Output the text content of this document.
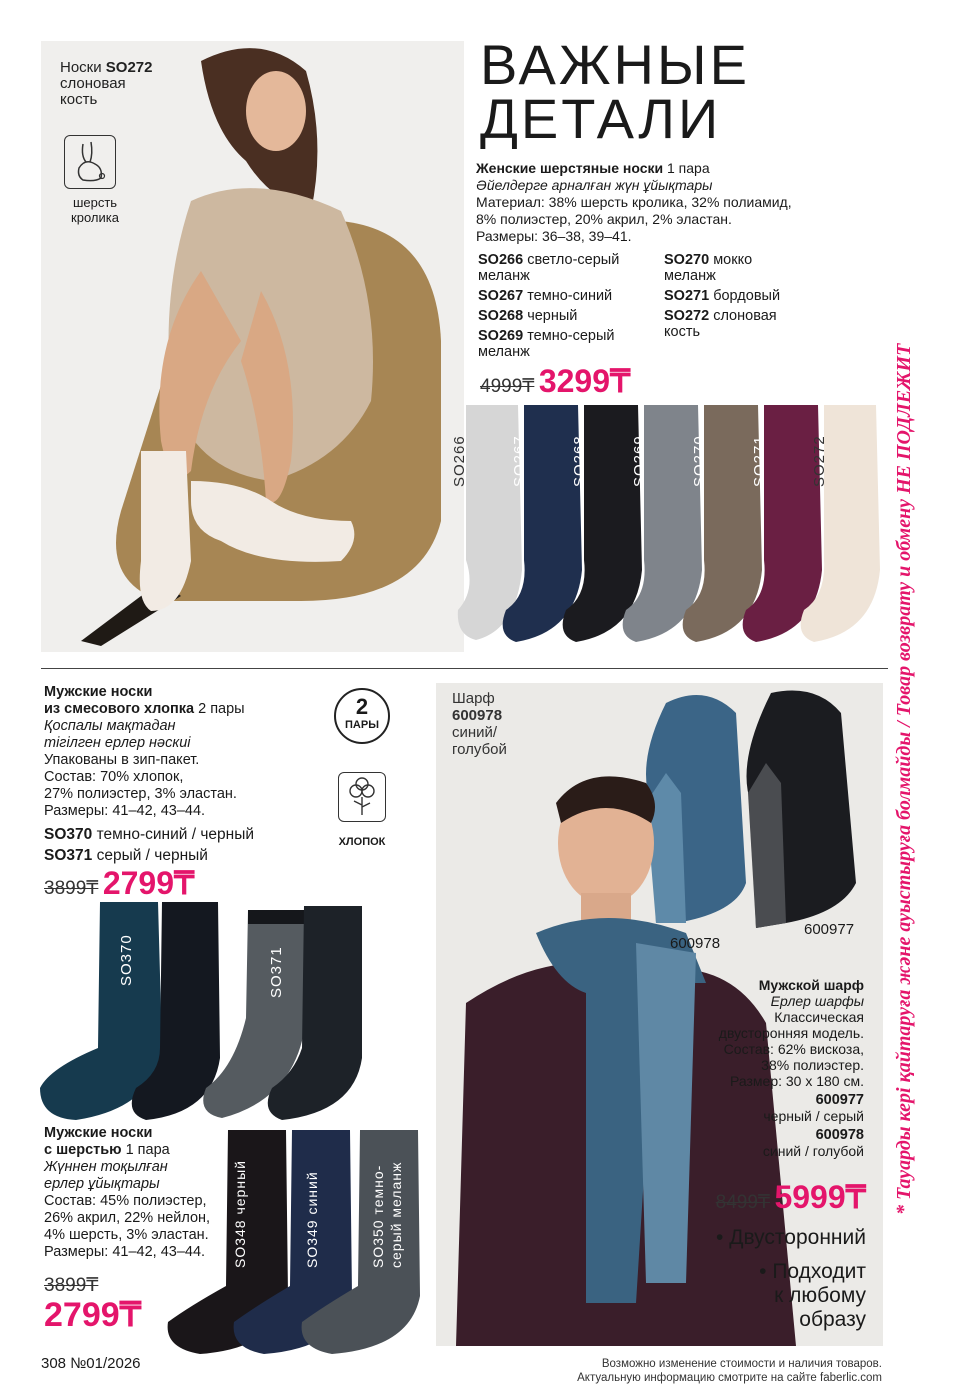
Носки SO272
слоновая
кость
шерсть
кролика
ВАЖНЫЕ
ДЕТАЛИ
Женские шерстяные носки 1 пара
Әйелдерге арналған жүн ұйықтары
Материал: 38% шерсть кролика, 32% полиамид,
8% полиэстер, 20% акрил, 2% эластан.
Размеры: 36–38, 39–41.
SO266 светло-серый
меланж
SO267 темно-синий
SO268 черный
SO269 темно-серый
меланж
SO270 мокко
меланж
SO271 бордовый
SO272 слоновая
кость
4999₸ 3299₸
SO266	SO267	SO268	SO269	SO270	SO271	SO272	* Тауарды кері қайтаруға және ауыстыруға болмайды / Товар возврату и обмену НЕ ПОДЛЕЖИТ
Мужские носки
из смесового хлопка 2 пары
Қоспалы мақтадан
тігілген ерлер нәскиі
Упакованы в зип-пакет.
Состав: 70% хлопок,
27% полиэстер, 3% эластан.
Размеры: 41–42, 43–44.
SO370 темно-синий / черный
SO371 серый / черный
2
ПАРЫ
ХЛОПОК
3899₸ 2799₸
SO370	SO371
Мужские носки
с шерстью 1 пара
Жүннен тоқылған
ерлер ұйықтары
Состав: 45% полиэстер,
26% акрил, 22% нейлон,
4% шерсть, 3% эластан.
Размеры: 41–42, 43–44.
3899₸
2799₸
SO348 черный	SO349 синий	SO350 темно- серый меланж
Шарф
600978
синий/
голубой
600978
600977
Мужской шарф
Ерлер шарфы
Классическая
двусторонняя модель.
Состав: 62% вискоза,
38% полиэстер.
Размер: 30 x 180 см.
600977
черный / серый
600978
синий / голубой
8499₸ 5999₸
• Двусторонний
• Подходит
к любому
образу
308 №01/2026	Возможно изменение стоимости и наличия товаров.
Актуальную информацию смотрите на сайте faberlic.com
